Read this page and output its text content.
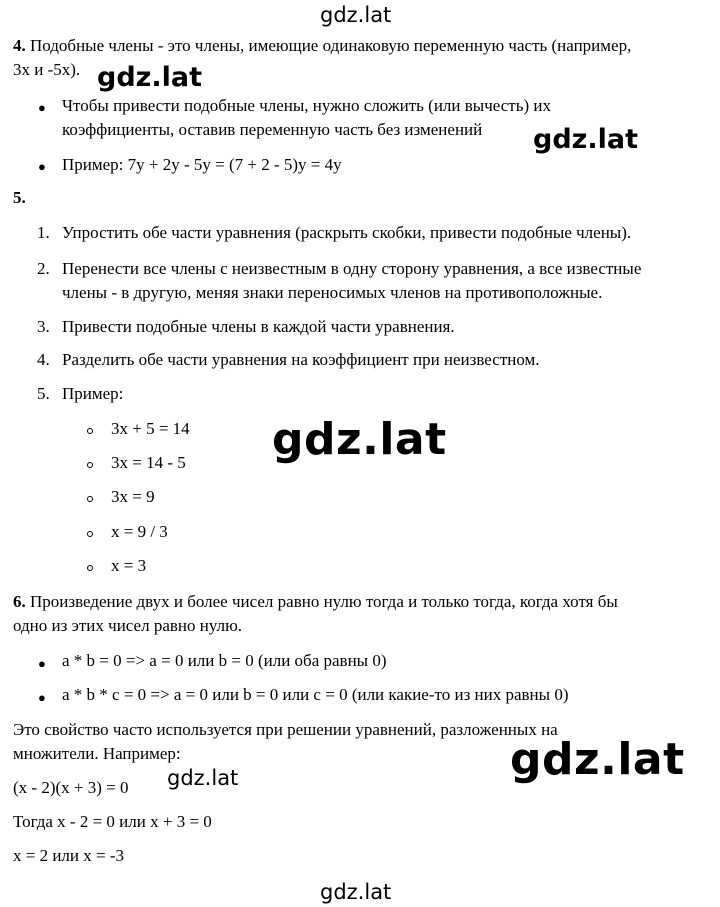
gdz.lat
gdz.lat
gdz.lat
gdz.lat
gdz.lat	gdz.lat
gdz.lat
4. Подобные члены - это члены, имеющие одинаковую переменную часть (например,
3x и -5x).
● Чтобы привести подобные члены, нужно сложить (или вычесть) их
коэффициенты, оставив переменную часть без изменений
● Пример: 7y + 2y - 5y = (7 + 2 - 5)y = 4y
5.
1. Упростить обе части уравнения (раскрыть скобки, привести подобные члены).
2. Перенести все члены с неизвестным в одну сторону уравнения, а все известные
члены - в другую, меняя знаки переносимых членов на противоположные.
3. Привести подобные члены в каждой части уравнения.
4. Разделить обе части уравнения на коэффициент при неизвестном.
5. Пример:
3x + 5 = 14
3x = 14 - 5
3x = 9
x = 9 / 3
x = 3
6. Произведение двух и более чисел равно нулю тогда и только тогда, когда хотя бы
одно из этих чисел равно нулю.
● a * b = 0 => a = 0 или b = 0 (или оба равны 0)
● a * b * c = 0 => a = 0 или b = 0 или c = 0 (или какие-то из них равны 0)
Это свойство часто используется при решении уравнений, разложенных на
множители. Например:
(x - 2)(x + 3) = 0
Тогда x - 2 = 0 или x + 3 = 0
x = 2 или x = -3
